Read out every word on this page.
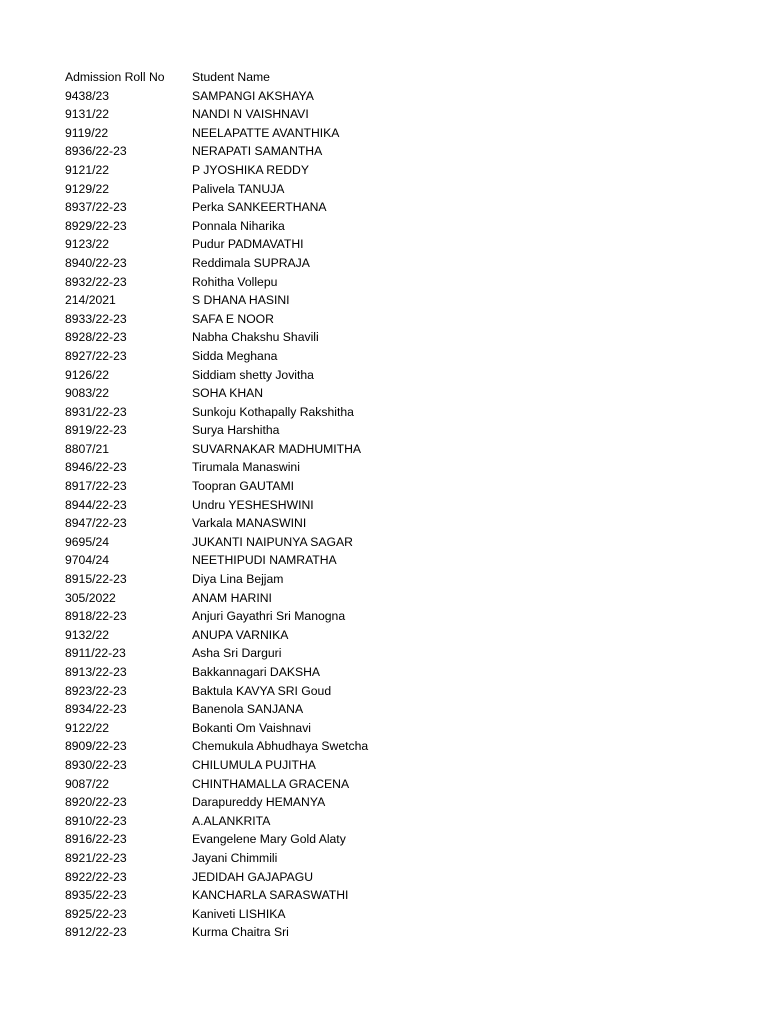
Admission Roll No	Student Name
9438/23	SAMPANGI AKSHAYA
9131/22	NANDI N VAISHNAVI
9119/22	NEELAPATTE AVANTHIKA
8936/22-23	NERAPATI SAMANTHA
9121/22	P JYOSHIKA REDDY
9129/22	Palivela TANUJA
8937/22-23	Perka SANKEERTHANA
8929/22-23	Ponnala Niharika
9123/22	Pudur PADMAVATHI
8940/22-23	Reddimala SUPRAJA
8932/22-23	Rohitha Vollepu
214/2021	S DHANA HASINI
8933/22-23	SAFA E NOOR
8928/22-23	Nabha Chakshu Shavili
8927/22-23	Sidda Meghana
9126/22	Siddiam shetty Jovitha
9083/22	SOHA KHAN
8931/22-23	Sunkoju Kothapally Rakshitha
8919/22-23	Surya Harshitha
8807/21	SUVARNAKAR MADHUMITHA
8946/22-23	Tirumala Manaswini
8917/22-23	Toopran GAUTAMI
8944/22-23	Undru YESHESHWINI
8947/22-23	Varkala MANASWINI
9695/24	JUKANTI NAIPUNYA SAGAR
9704/24	NEETHIPUDI NAMRATHA
8915/22-23	Diya Lina Bejjam
305/2022	ANAM HARINI
8918/22-23	Anjuri Gayathri Sri Manogna
9132/22	ANUPA VARNIKA
8911/22-23	Asha Sri Darguri
8913/22-23	Bakkannagari DAKSHA
8923/22-23	Baktula KAVYA SRI Goud
8934/22-23	Banenola SANJANA
9122/22	Bokanti Om Vaishnavi
8909/22-23	Chemukula Abhudhaya Swetcha
8930/22-23	CHILUMULA PUJITHA
9087/22	CHINTHAMALLA GRACENA
8920/22-23	Darapureddy HEMANYA
8910/22-23	A.ALANKRITA
8916/22-23	Evangelene Mary Gold Alaty
8921/22-23	Jayani Chimmili
8922/22-23	JEDIDAH GAJAPAGU
8935/22-23	KANCHARLA SARASWATHI
8925/22-23	Kaniveti LISHIKA
8912/22-23	Kurma Chaitra Sri
